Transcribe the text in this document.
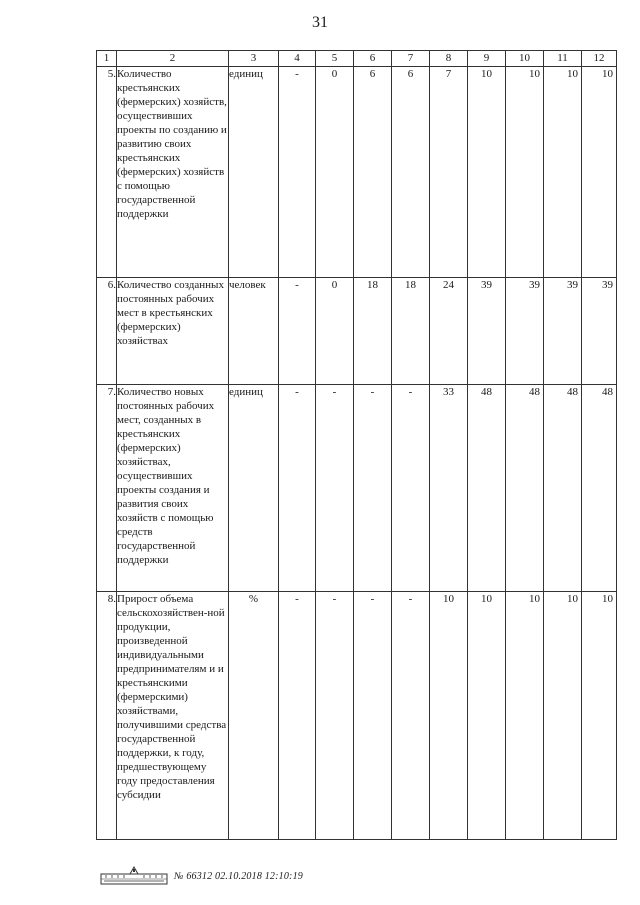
31
1	2	3	4	5	6	7	8	9	10	11	12
5.	Количество крестьянских (фермерских) хозяйств, осуществивших проекты по созданию и развитию своих крестьянских (фермерских) хозяйств с помощью государственной поддержки	единиц	-	0	6	6	7	10	10	10	10
6.	Количество созданных постоянных рабочих мест в крестьянских (фермерских) хозяйствах	человек	-	0	18	18	24	39	39	39	39
7.	Количество новых постоянных рабочих мест, созданных в крестьянских (фермерских) хозяйствах, осуществивших проекты создания и развития своих хозяйств с помощью средств государственной поддержки	единиц	-	-	-	-	33	48	48	48	48
8.	Прирост объема сельскохозяйствен-ной продукции, произведенной индивидуальными предпринимателям и и крестьянскими (фермерскими) хозяйствами, получившими средства государственной поддержки, к году, предшествующему году предоставления субсидии	%	-	-	-	-	10	10	10	10	10
№ 66312 02.10.2018 12:10:19
